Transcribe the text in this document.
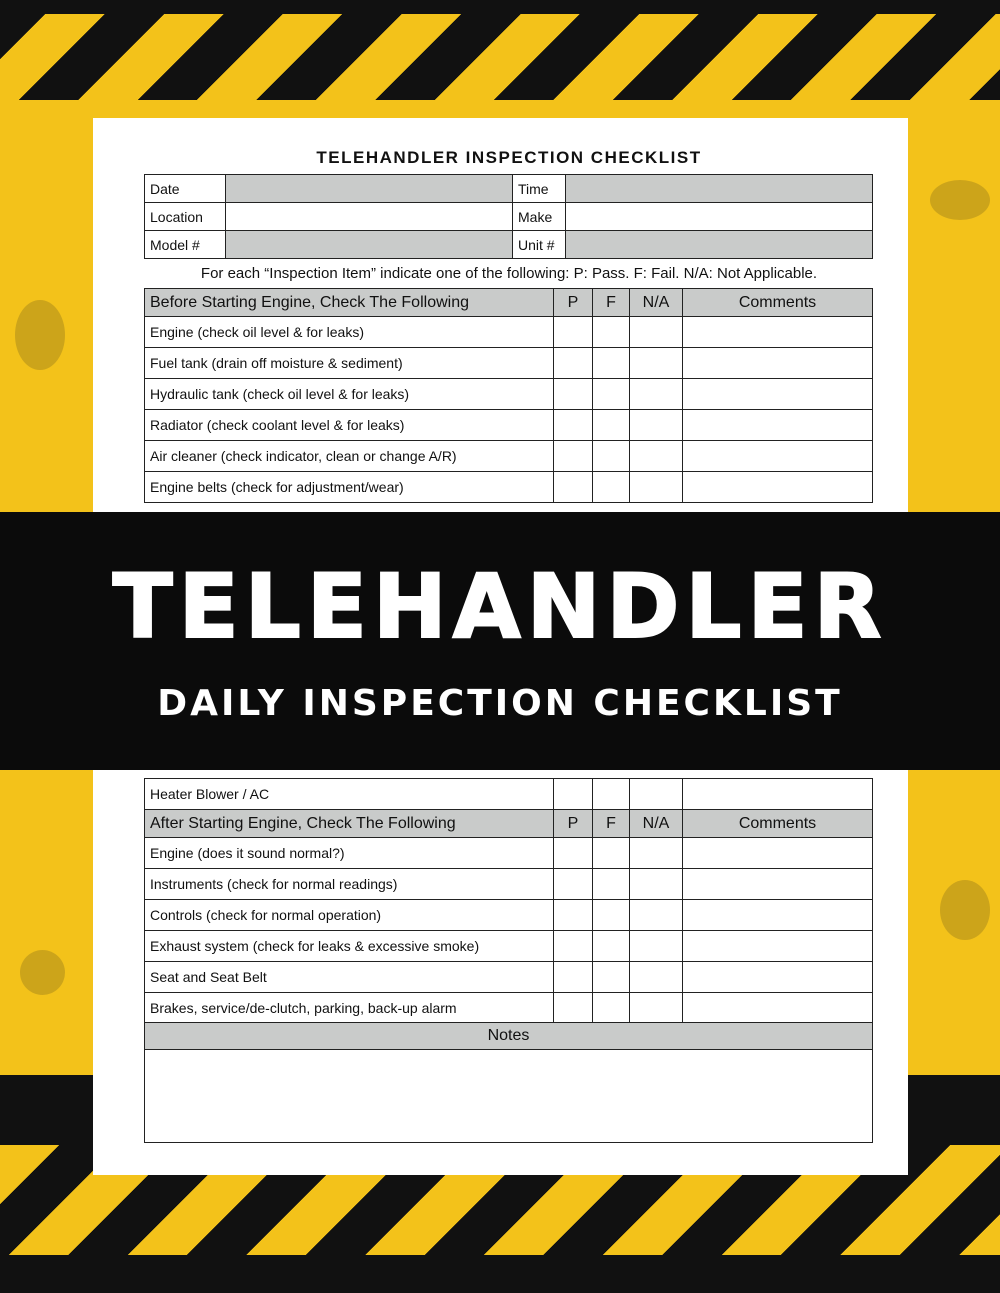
TELEHANDLER INSPECTION CHECKLIST
Date		Time	
Location		Make	
Model #		Unit #	
For each “Inspection Item” indicate one of the following: P: Pass. F: Fail. N/A: Not Applicable.
Before Starting Engine, Check The Following	P	F	N/A	Comments
Engine (check oil level & for leaks)				
Fuel tank (drain off moisture & sediment)				
Hydraulic tank (check oil level & for leaks)				
Radiator (check coolant level & for leaks)				
Air cleaner (check indicator, clean or change A/R)				
Engine belts (check for adjustment/wear)				
Heater Blower / AC				
After Starting Engine, Check The Following	P	F	N/A	Comments
Engine (does it sound normal?)				
Instruments (check for normal readings)				
Controls (check for normal operation)				
Exhaust system (check for leaks & excessive smoke)				
Seat and Seat Belt				
Brakes, service/de-clutch, parking, back-up alarm				
Notes

TELEHANDLER
DAILY INSPECTION CHECKLIST
